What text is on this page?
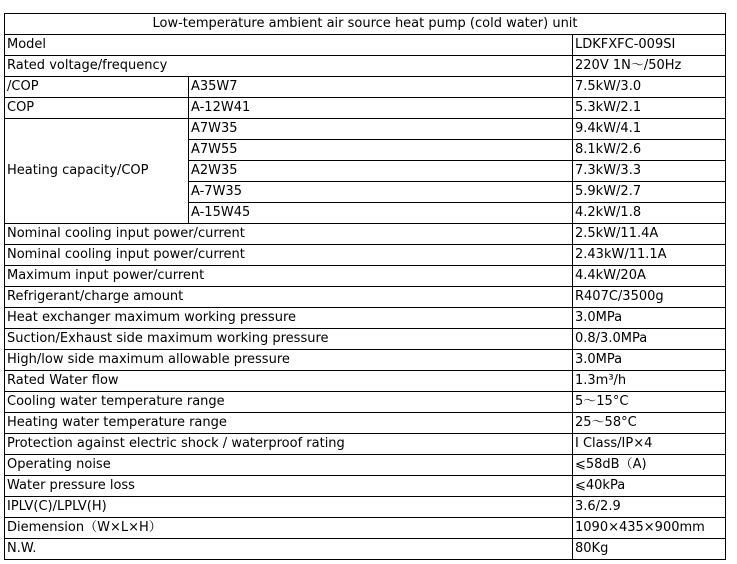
Low-temperature ambient air source heat pump (cold water) unit		
Model		LDKFXFC-009SI
Rated voltage/frequency		220V 1N～/50Hz
/COP	A35W7	7.5kW/3.0
COP	A-12W41	5.3kW/2.1
Heating capacity/COP	A7W35	9.4kW/4.1
	A7W55	8.1kW/2.6
	A2W35	7.3kW/3.3
	A-7W35	5.9kW/2.7
	A-15W45	4.2kW/1.8
Nominal cooling input power/current		2.5kW/11.4A
Nominal cooling input power/current		2.43kW/11.1A
Maximum input power/current		4.4kW/20A
Refrigerant/charge amount		R407C/3500g
Heat exchanger maximum working pressure		3.0MPa
Suction/Exhaust side maximum working pressure		0.8/3.0MPa
High/low side maximum allowable pressure		3.0MPa
Rated Water flow		1.3m³/h
Cooling water temperature range		5～15°C
Heating water temperature range		25～58°C
Protection against electric shock / waterproof rating		I Class/IP×4
Operating noise		⩽58dB（A)
Water pressure loss		⩽40kPa
IPLV(C)/LPLV(H)		3.6/2.9
Diemension（W×L×H）		1090×435×900mm
N.W.		80Kg
